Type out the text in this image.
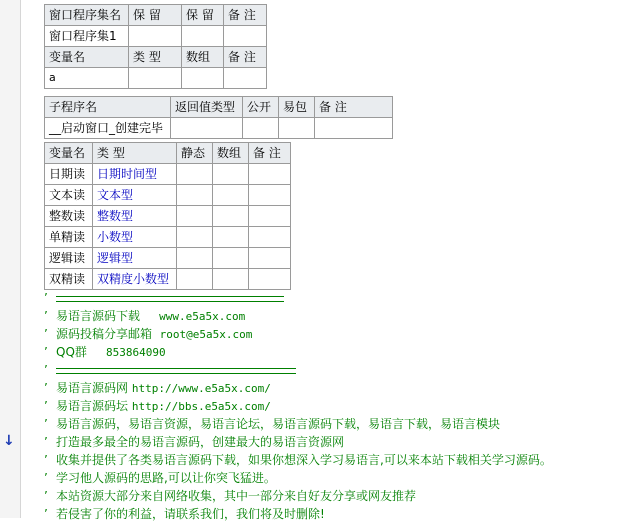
↓
窗口程序集名	保 留	保 留	备 注
窗口程序集1			
变量名	类 型	数组	备 注
a			
子程序名	返回值类型	公开	易包	备 注
__启动窗口_创建完毕				
变量名	类 型	静态	数组	备 注
日期读	日期时间型			
文本读	文本型			
整数读	整数型			
单精读	小数型			
逻辑读	逻辑型			
双精读	双精度小数型			
’
’ 易语言源码下载 www.e5a5x.com
’ 源码投稿分享邮箱 root@e5a5x.com
’ QQ群 853864090
’
’ 易语言源码网 http://www.e5a5x.com/
’ 易语言源码坛 http://bbs.e5a5x.com/
’ 易语言源码，易语言资源，易语言论坛，易语言源码下载，易语言下载，易语言模块
’ 打造最多最全的易语言源码，创建最大的易语言资源网
’ 收集并提供了各类易语言源码下载，如果你想深入学习易语言,可以来本站下载相关学习源码。
’ 学习他人源码的思路,可以让你突飞猛进。
’ 本站资源大部分来自网络收集，其中一部分来自好友分享或网友推荐
’ 若侵害了你的利益，请联系我们，我们将及时删除!
